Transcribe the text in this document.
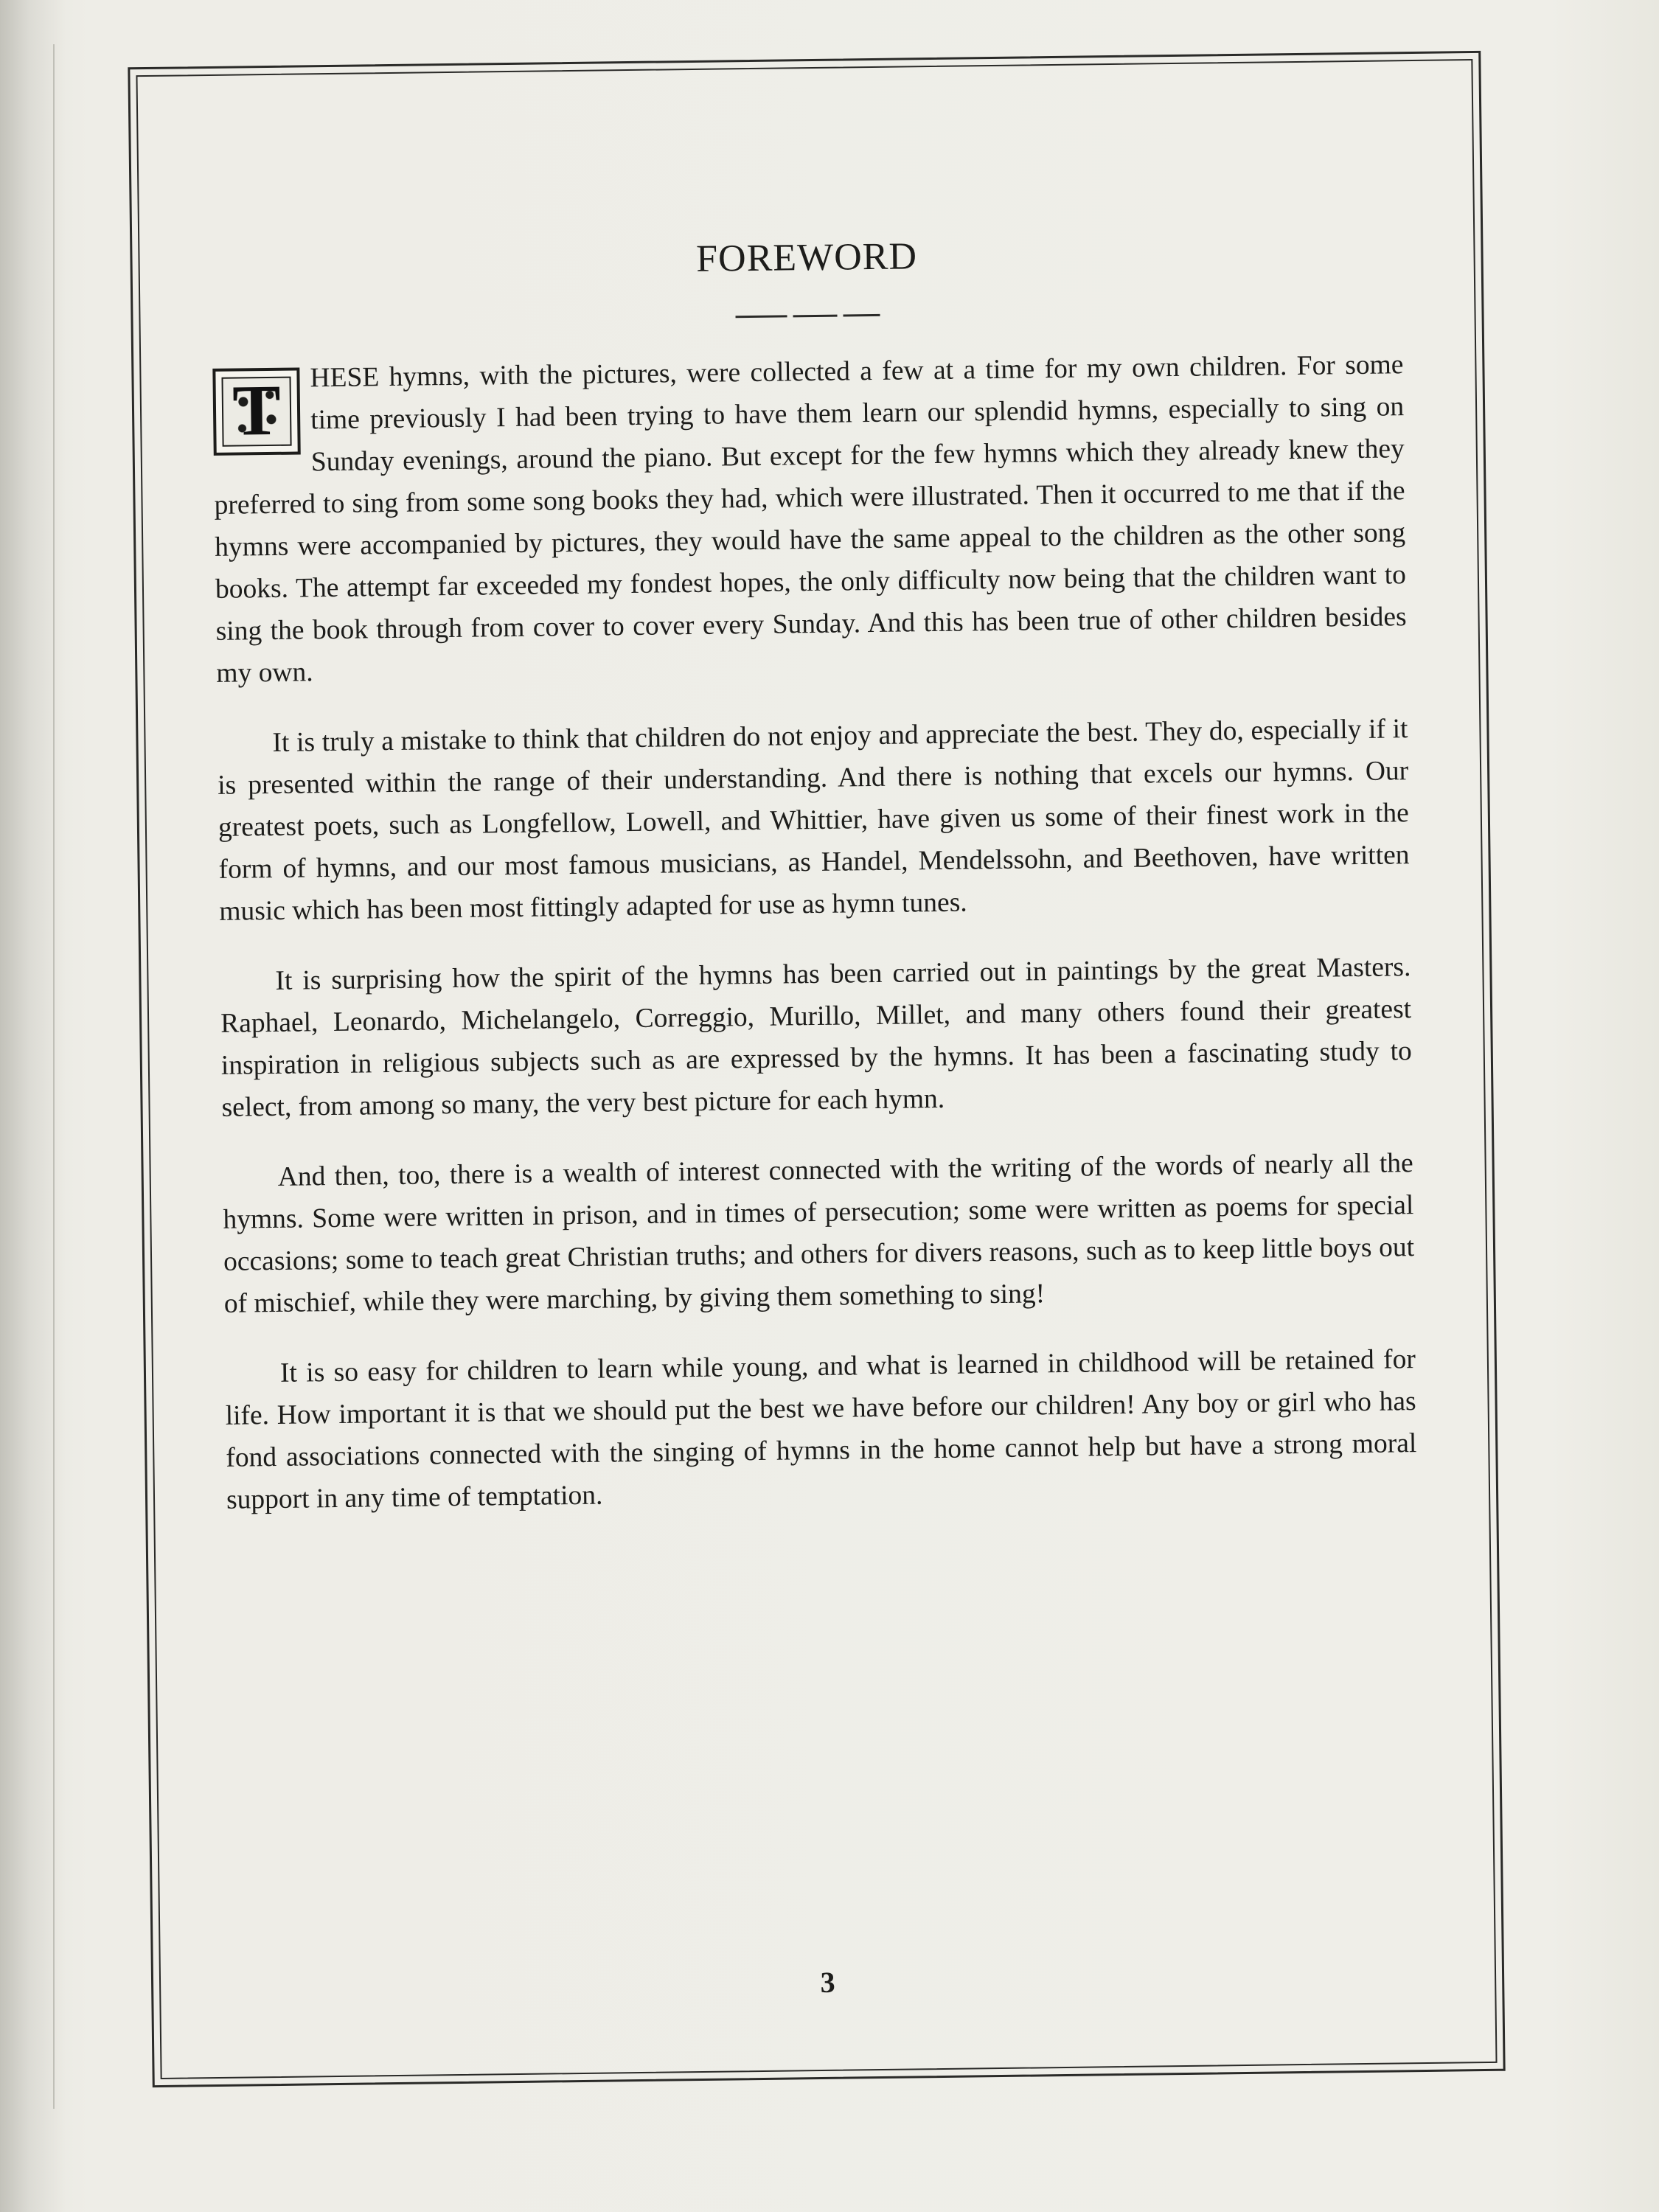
FOREWORD

T	HESE hymns, with the pictures, were collected a few at a time for my own children. For some time previously I had been trying to have them learn our splendid hymns, especially to sing on Sunday evenings, around the piano. But except for the few hymns which they already knew they preferred to sing from some song books they had, which were illustrated. Then it occurred to me that if the hymns were accompanied by pictures, they would have the same appeal to the children as the other song books. The attempt far exceeded my fondest hopes, the only difficulty now being that the children want to sing the book through from cover to cover every Sunday. And this has been true of other children besides my own.

It is truly a mistake to think that children do not enjoy and appreciate the best. They do, especially if it is presented within the range of their understanding. And there is nothing that excels our hymns. Our greatest poets, such as Longfellow, Lowell, and Whittier, have given us some of their finest work in the form of hymns, and our most famous musicians, as Handel, Mendelssohn, and Beethoven, have written music which has been most fittingly adapted for use as hymn tunes.

It is surprising how the spirit of the hymns has been carried out in paintings by the great Masters. Raphael, Leonardo, Michelangelo, Correggio, Murillo, Millet, and many others found their greatest inspiration in religious subjects such as are expressed by the hymns. It has been a fascinating study to select, from among so many, the very best picture for each hymn.

And then, too, there is a wealth of interest connected with the writing of the words of nearly all the hymns. Some were written in prison, and in times of persecution; some were written as poems for special occasions; some to teach great Christian truths; and others for divers reasons, such as to keep little boys out of mischief, while they were marching, by giving them something to sing!

It is so easy for children to learn while young, and what is learned in childhood will be retained for life. How important it is that we should put the best we have before our children! Any boy or girl who has fond associations connected with the singing of hymns in the home cannot help but have a strong moral support in any time of temptation.

3
